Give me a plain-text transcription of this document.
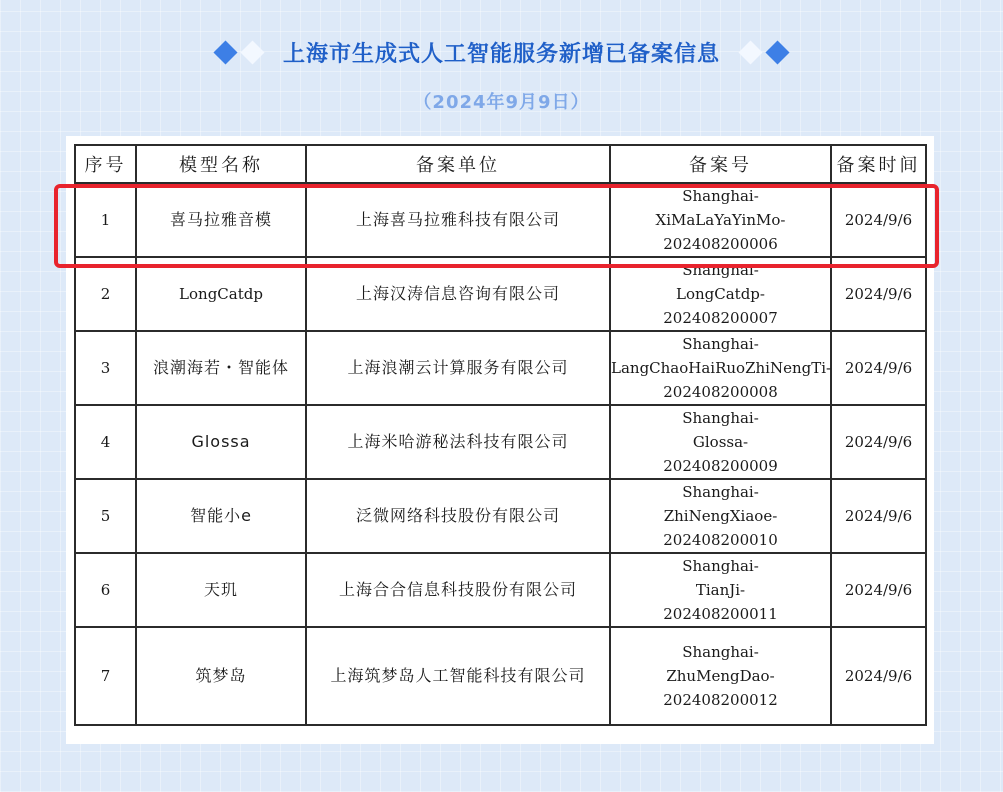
上海市生成式人工智能服务新增已备案信息
（2024年9月9日）
序号	模型名称	备案单位	备案号	备案时间
1	喜马拉雅音模	上海喜马拉雅科技有限公司	Shanghai-
XiMaLaYaYinMo-
202408200006	2024/9/6
2	LongCatdp	上海汉涛信息咨询有限公司	Shanghai-
LongCatdp-
202408200007	2024/9/6
3	浪潮海若・智能体	上海浪潮云计算服务有限公司	Shanghai-
LangChaoHaiRuoZhiNengTi-
202408200008	2024/9/6
4	Glossa	上海米哈游秘法科技有限公司	Shanghai-
Glossa-
202408200009	2024/9/6
5	智能小e	泛微网络科技股份有限公司	Shanghai-
ZhiNengXiaoe-
202408200010	2024/9/6
6	天玑	上海合合信息科技股份有限公司	Shanghai-
TianJi-
202408200011	2024/9/6
7	筑梦岛	上海筑梦岛人工智能科技有限公司	Shanghai-
ZhuMengDao-
202408200012	2024/9/6
